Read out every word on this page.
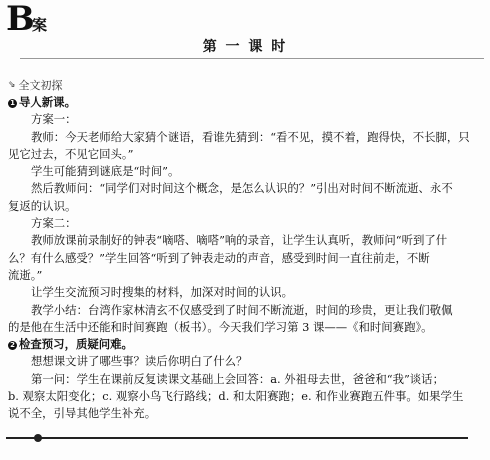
B 案
第 一 课 时
⇘ 全文初探
1 导人新课。
方案一：
教师：今天老师给大家猜个谜语，看谁先猜到：“看不见，摸不着，跑得快，不长脚，只
见它过去，不见它回头。”
学生可能猜到谜底是“时间”。
然后教师问：“同学们对时间这个概念，是怎么认识的？”引出对时间不断流逝、永不
复返的认识。
方案二：
教师放课前录制好的钟表“嘀嗒、嘀嗒”响的录音，让学生认真听，教师问“听到了什
么？有什么感受？”学生回答“听到了钟表走动的声音，感受到时间一直往前走，不断
流逝。”
让学生交流预习时搜集的材料，加深对时间的认识。
教学小结：台湾作家林清玄不仅感受到了时间不断流逝，时间的珍贵，更让我们敬佩
的是他在生活中还能和时间赛跑（板书）。今天我们学习第 3 课——《和时间赛跑》。
2 检查预习，质疑问难。
想想课文讲了哪些事？读后你明白了什么？
第一问：学生在课前反复读课文基础上会回答：a. 外祖母去世，爸爸和“我”谈话；
b. 观察太阳变化；c. 观察小鸟飞行路线；d. 和太阳赛跑；e. 和作业赛跑五件事。如果学生
说不全，引导其他学生补充。
